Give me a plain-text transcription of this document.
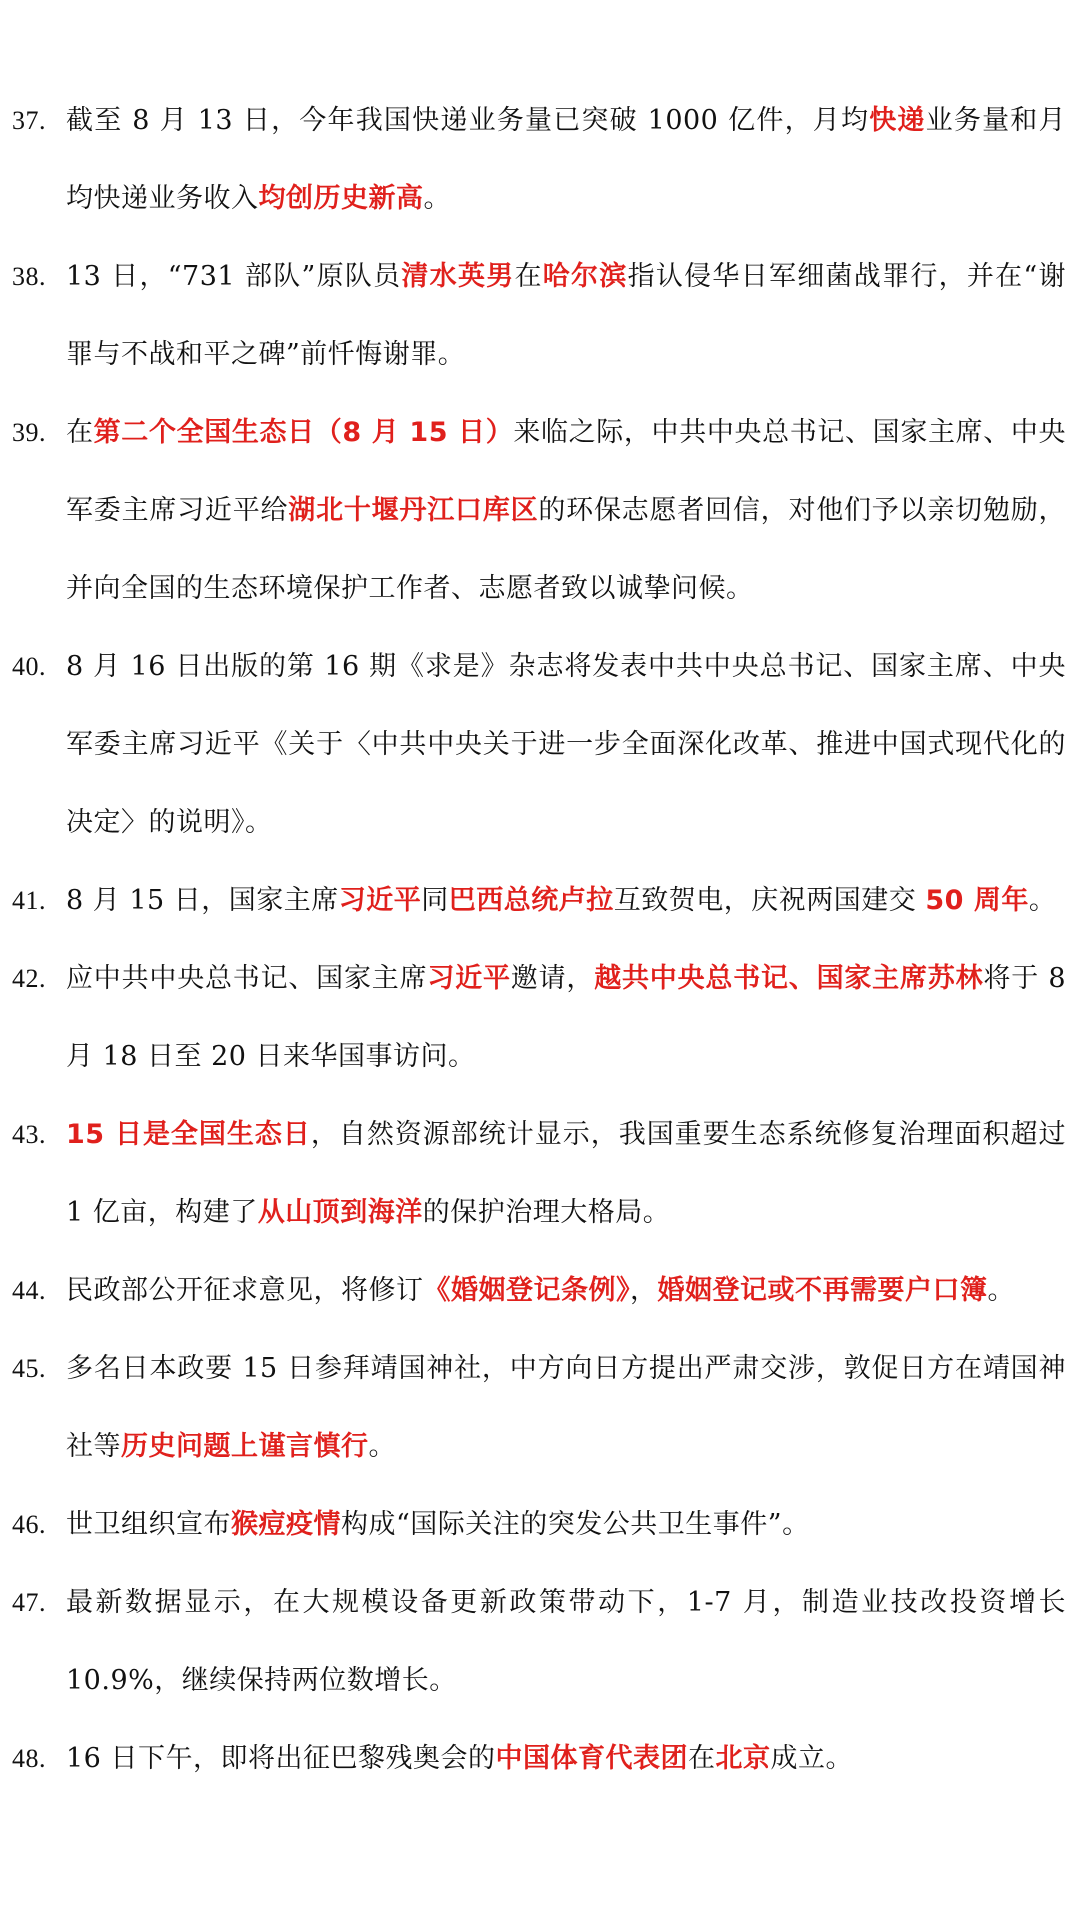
37. 截至 8 月 13 日，今年我国快递业务量已突破 1000 亿件，月均快递业务量和月均快递业务收入均创历史新高。
38. 13 日，“731 部队”原队员清水英男在哈尔滨指认侵华日军细菌战罪行，并在“谢罪与不战和平之碑”前忏悔谢罪。
39. 在第二个全国生态日（8 月 15 日）来临之际，中共中央总书记、国家主席、中央军委主席习近平给湖北十堰丹江口库区的环保志愿者回信，对他们予以亲切勉励，并向全国的生态环境保护工作者、志愿者致以诚挚问候。
40. 8 月 16 日出版的第 16 期《求是》杂志将发表中共中央总书记、国家主席、中央军委主席习近平《关于〈中共中央关于进一步全面深化改革、推进中国式现代化的决定〉的说明》。
41. 8 月 15 日，国家主席习近平同巴西总统卢拉互致贺电，庆祝两国建交 50 周年。
42. 应中共中央总书记、国家主席习近平邀请，越共中央总书记、国家主席苏林将于 8 月 18 日至 20 日来华国事访问。
43. 15 日是全国生态日，自然资源部统计显示，我国重要生态系统修复治理面积超过 1 亿亩，构建了从山顶到海洋的保护治理大格局。
44. 民政部公开征求意见，将修订《婚姻登记条例》，婚姻登记或不再需要户口簿。
45. 多名日本政要 15 日参拜靖国神社，中方向日方提出严肃交涉，敦促日方在靖国神社等历史问题上谨言慎行。
46. 世卫组织宣布猴痘疫情构成“国际关注的突发公共卫生事件”。
47. 最新数据显示，在大规模设备更新政策带动下，1-7 月，制造业技改投资增长 10.9%，继续保持两位数增长。
48. 16 日下午，即将出征巴黎残奥会的中国体育代表团在北京成立。
